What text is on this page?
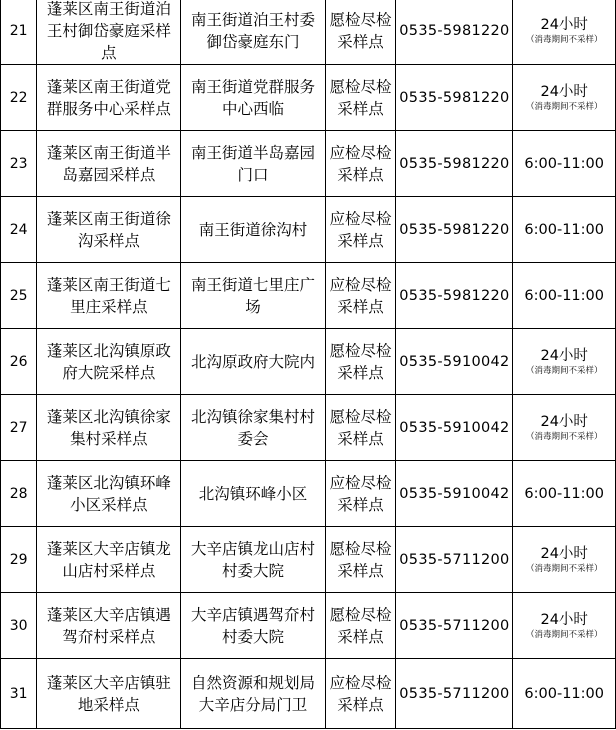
21	蓬莱区南王街道泊王村御岱豪庭采样点	南王街道泊王村委御岱豪庭东门	愿检尽检采样点	0535-5981220	24小时
（消毒期间不采样）

22	蓬莱区南王街道党群服务中心采样点	南王街道党群服务中心西临	愿检尽检采样点	0535-5981220	24小时
（消毒期间不采样）

23	蓬莱区南王街道半岛嘉园采样点	南王街道半岛嘉园门口	应检尽检采样点	0535-5981220	6:00-11:00

24	蓬莱区南王街道徐沟采样点	南王街道徐沟村	应检尽检采样点	0535-5981220	6:00-11:00

25	蓬莱区南王街道七里庄采样点	南王街道七里庄广场	应检尽检采样点	0535-5981220	6:00-11:00

26	蓬莱区北沟镇原政府大院采样点	北沟原政府大院内	愿检尽检采样点	0535-5910042	24小时
（消毒期间不采样）

27	蓬莱区北沟镇徐家集村采样点	北沟镇徐家集村村委会	愿检尽检采样点	0535-5910042	24小时
（消毒期间不采样）

28	蓬莱区北沟镇环峰小区采样点	北沟镇环峰小区	应检尽检采样点	0535-5910042	6:00-11:00

29	蓬莱区大辛店镇龙山店村采样点	大辛店镇龙山店村村委大院	愿检尽检采样点	0535-5711200	24小时
（消毒期间不采样）

30	蓬莱区大辛店镇遇驾夼村采样点	大辛店镇遇驾夼村村委大院	愿检尽检采样点	0535-5711200	24小时
（消毒期间不采样）

31	蓬莱区大辛店镇驻地采样点	自然资源和规划局大辛店分局门卫	应检尽检采样点	0535-5711200	6:00-11:00
